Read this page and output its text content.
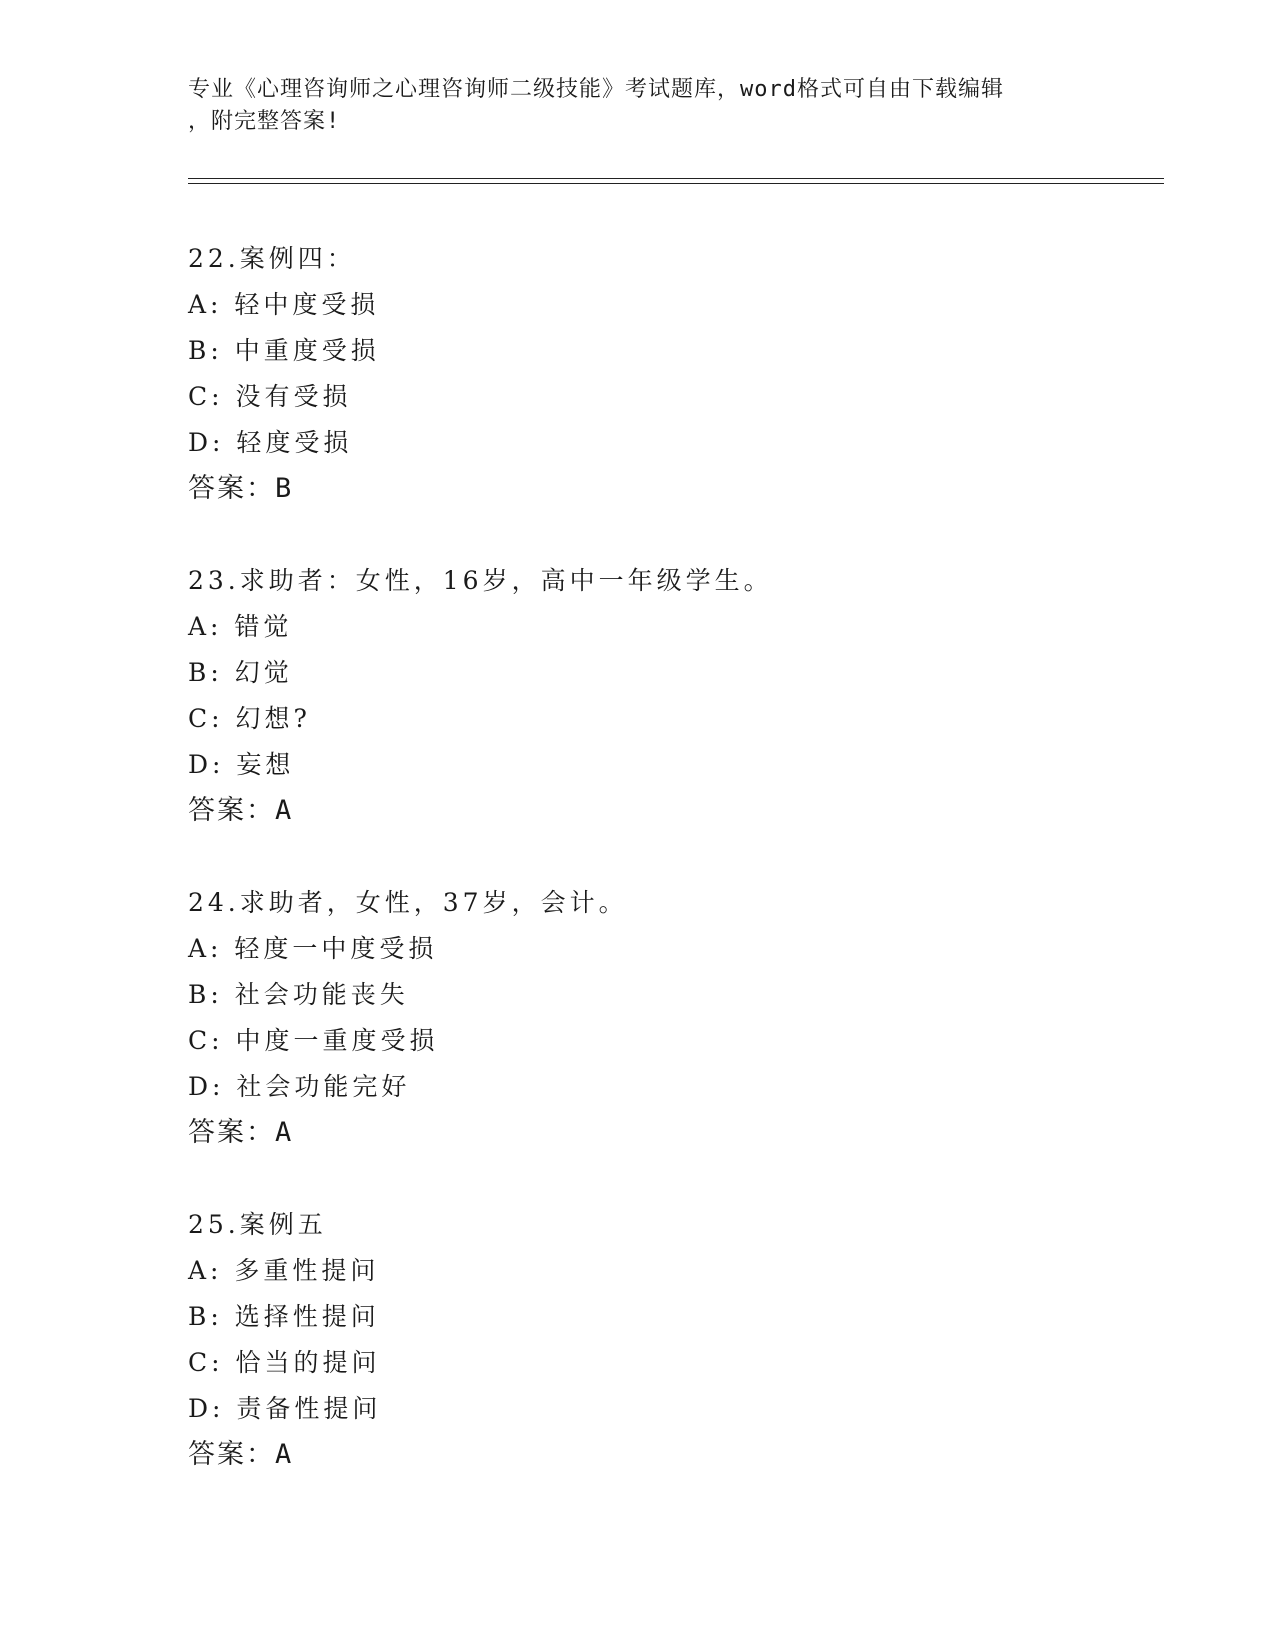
专业《心理咨询师之心理咨询师二级技能》考试题库，word格式可自由下载编辑
，附完整答案!
22.案例四：
A: 轻中度受损
B: 中重度受损
C: 没有受损
D: 轻度受损
答案：B
23.求助者：女性，16岁，高中一年级学生。
A: 错觉
B: 幻觉
C: 幻想?
D: 妄想
答案：A
24.求助者，女性，37岁，会计。
A: 轻度一中度受损
B: 社会功能丧失
C: 中度一重度受损
D: 社会功能完好
答案：A
25.案例五
A: 多重性提问
B: 选择性提问
C: 恰当的提问
D: 责备性提问
答案：A
